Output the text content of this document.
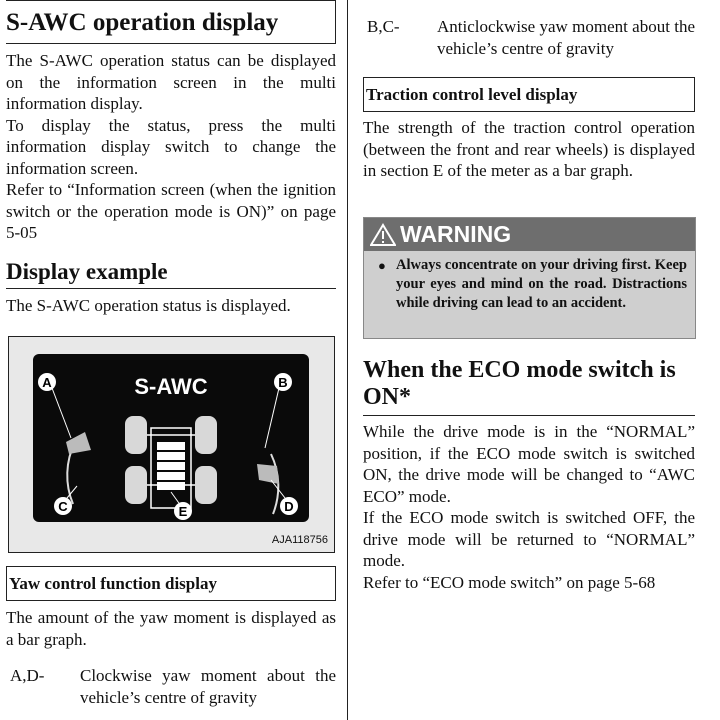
S-AWC operation display

The S-AWC operation status can be displayed on the information screen in the multi information display.

To display the status, press the multi information display switch to change the information screen.

Refer to “Information screen (when the ignition switch or the operation mode is ON)” on page 5-05

Display example

The S-AWC operation status is displayed.

S-AWC
A	B
C	D
E
AJA118756
Yaw control function display

The amount of the yaw moment is displayed as a bar graph.

A,D-	Clockwise yaw moment about the vehicle’s centre of gravity
B,C-	Anticlockwise yaw moment about the vehicle’s centre of gravity
Traction control level display

The strength of the traction control operation (between the front and rear wheels) is displayed in section E of the meter as a bar graph.

WARNING
● Always concentrate on your driving first. Keep your eyes and mind on the road. Distractions while driving can lead to an accident.
When the ECO mode switch is ON*

While the drive mode is in the “NORMAL” position, if the ECO mode switch is switched ON, the drive mode will be changed to “AWC ECO” mode.

If the ECO mode switch is switched OFF, the drive mode will be returned to “NORMAL” mode.

Refer to “ECO mode switch” on page 5-68
